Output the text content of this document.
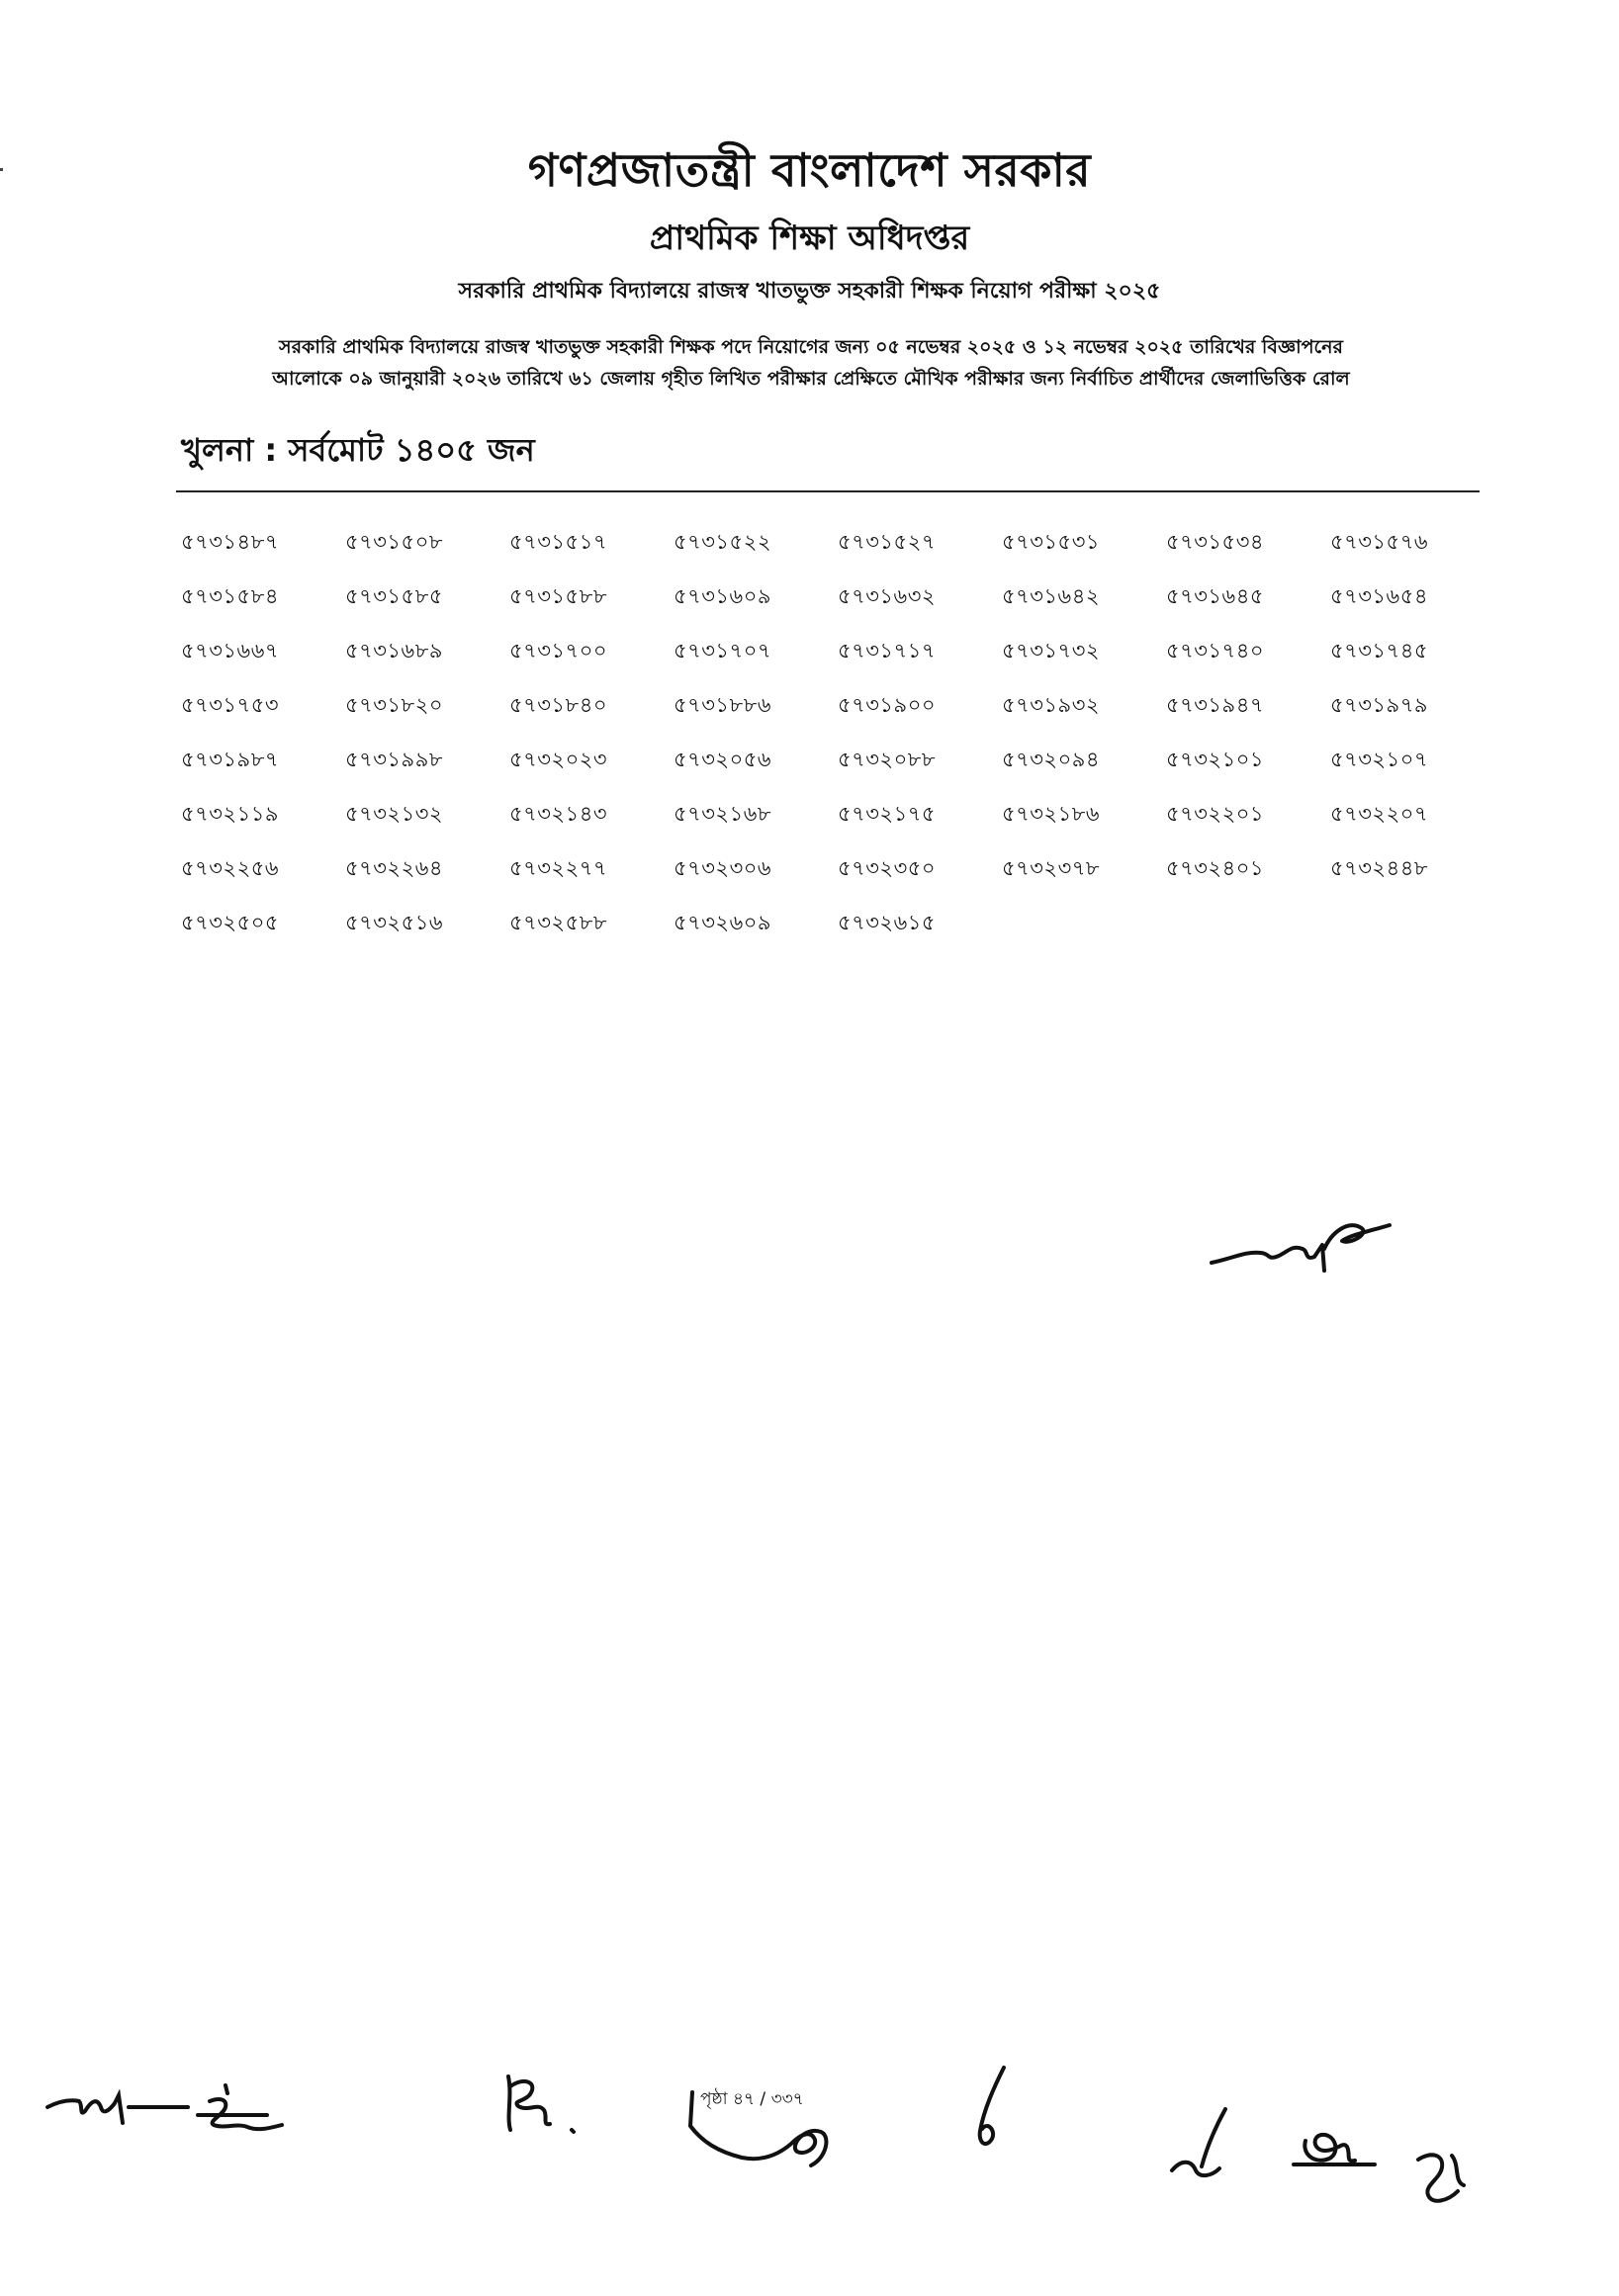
গণপ্রজাতন্ত্রী বাংলাদেশ সরকার
প্রাথমিক শিক্ষা অধিদপ্তর
সরকারি প্রাথমিক বিদ্যালয়ে রাজস্ব খাতভুক্ত সহকারী শিক্ষক নিয়োগ পরীক্ষা ২০২৫
সরকারি প্রাথমিক বিদ্যালয়ে রাজস্ব খাতভুক্ত সহকারী শিক্ষক পদে নিয়োগের জন্য ০৫ নভেম্বর ২০২৫ ও ১২ নভেম্বর ২০২৫ তারিখের বিজ্ঞাপনের
আলোকে ০৯ জানুয়ারী ২০২৬ তারিখে ৬১ জেলায় গৃহীত লিখিত পরীক্ষার প্রেক্ষিতে মৌখিক পরীক্ষার জন্য নির্বাচিত প্রার্থীদের জেলাভিত্তিক রোল
খুলনা : সর্বমোট ১৪০৫ জন
৫৭৩১৪৮৭	৫৭৩১৫০৮	৫৭৩১৫১৭	৫৭৩১৫২২	৫৭৩১৫২৭	৫৭৩১৫৩১	৫৭৩১৫৩৪	৫৭৩১৫৭৬
৫৭৩১৫৮৪	৫৭৩১৫৮৫	৫৭৩১৫৮৮	৫৭৩১৬০৯	৫৭৩১৬৩২	৫৭৩১৬৪২	৫৭৩১৬৪৫	৫৭৩১৬৫৪
৫৭৩১৬৬৭	৫৭৩১৬৮৯	৫৭৩১৭০০	৫৭৩১৭০৭	৫৭৩১৭১৭	৫৭৩১৭৩২	৫৭৩১৭৪০	৫৭৩১৭৪৫
৫৭৩১৭৫৩	৫৭৩১৮২০	৫৭৩১৮৪০	৫৭৩১৮৮৬	৫৭৩১৯০০	৫৭৩১৯৩২	৫৭৩১৯৪৭	৫৭৩১৯৭৯
৫৭৩১৯৮৭	৫৭৩১৯৯৮	৫৭৩২০২৩	৫৭৩২০৫৬	৫৭৩২০৮৮	৫৭৩২০৯৪	৫৭৩২১০১	৫৭৩২১০৭
৫৭৩২১১৯	৫৭৩২১৩২	৫৭৩২১৪৩	৫৭৩২১৬৮	৫৭৩২১৭৫	৫৭৩২১৮৬	৫৭৩২২০১	৫৭৩২২০৭
৫৭৩২২৫৬	৫৭৩২২৬৪	৫৭৩২২৭৭	৫৭৩২৩০৬	৫৭৩২৩৫০	৫৭৩২৩৭৮	৫৭৩২৪০১	৫৭৩২৪৪৮
৫৭৩২৫০৫	৫৭৩২৫১৬	৫৭৩২৫৮৮	৫৭৩২৬০৯	৫৭৩২৬১৫
পৃষ্ঠা ৪৭ / ৩৩৭
